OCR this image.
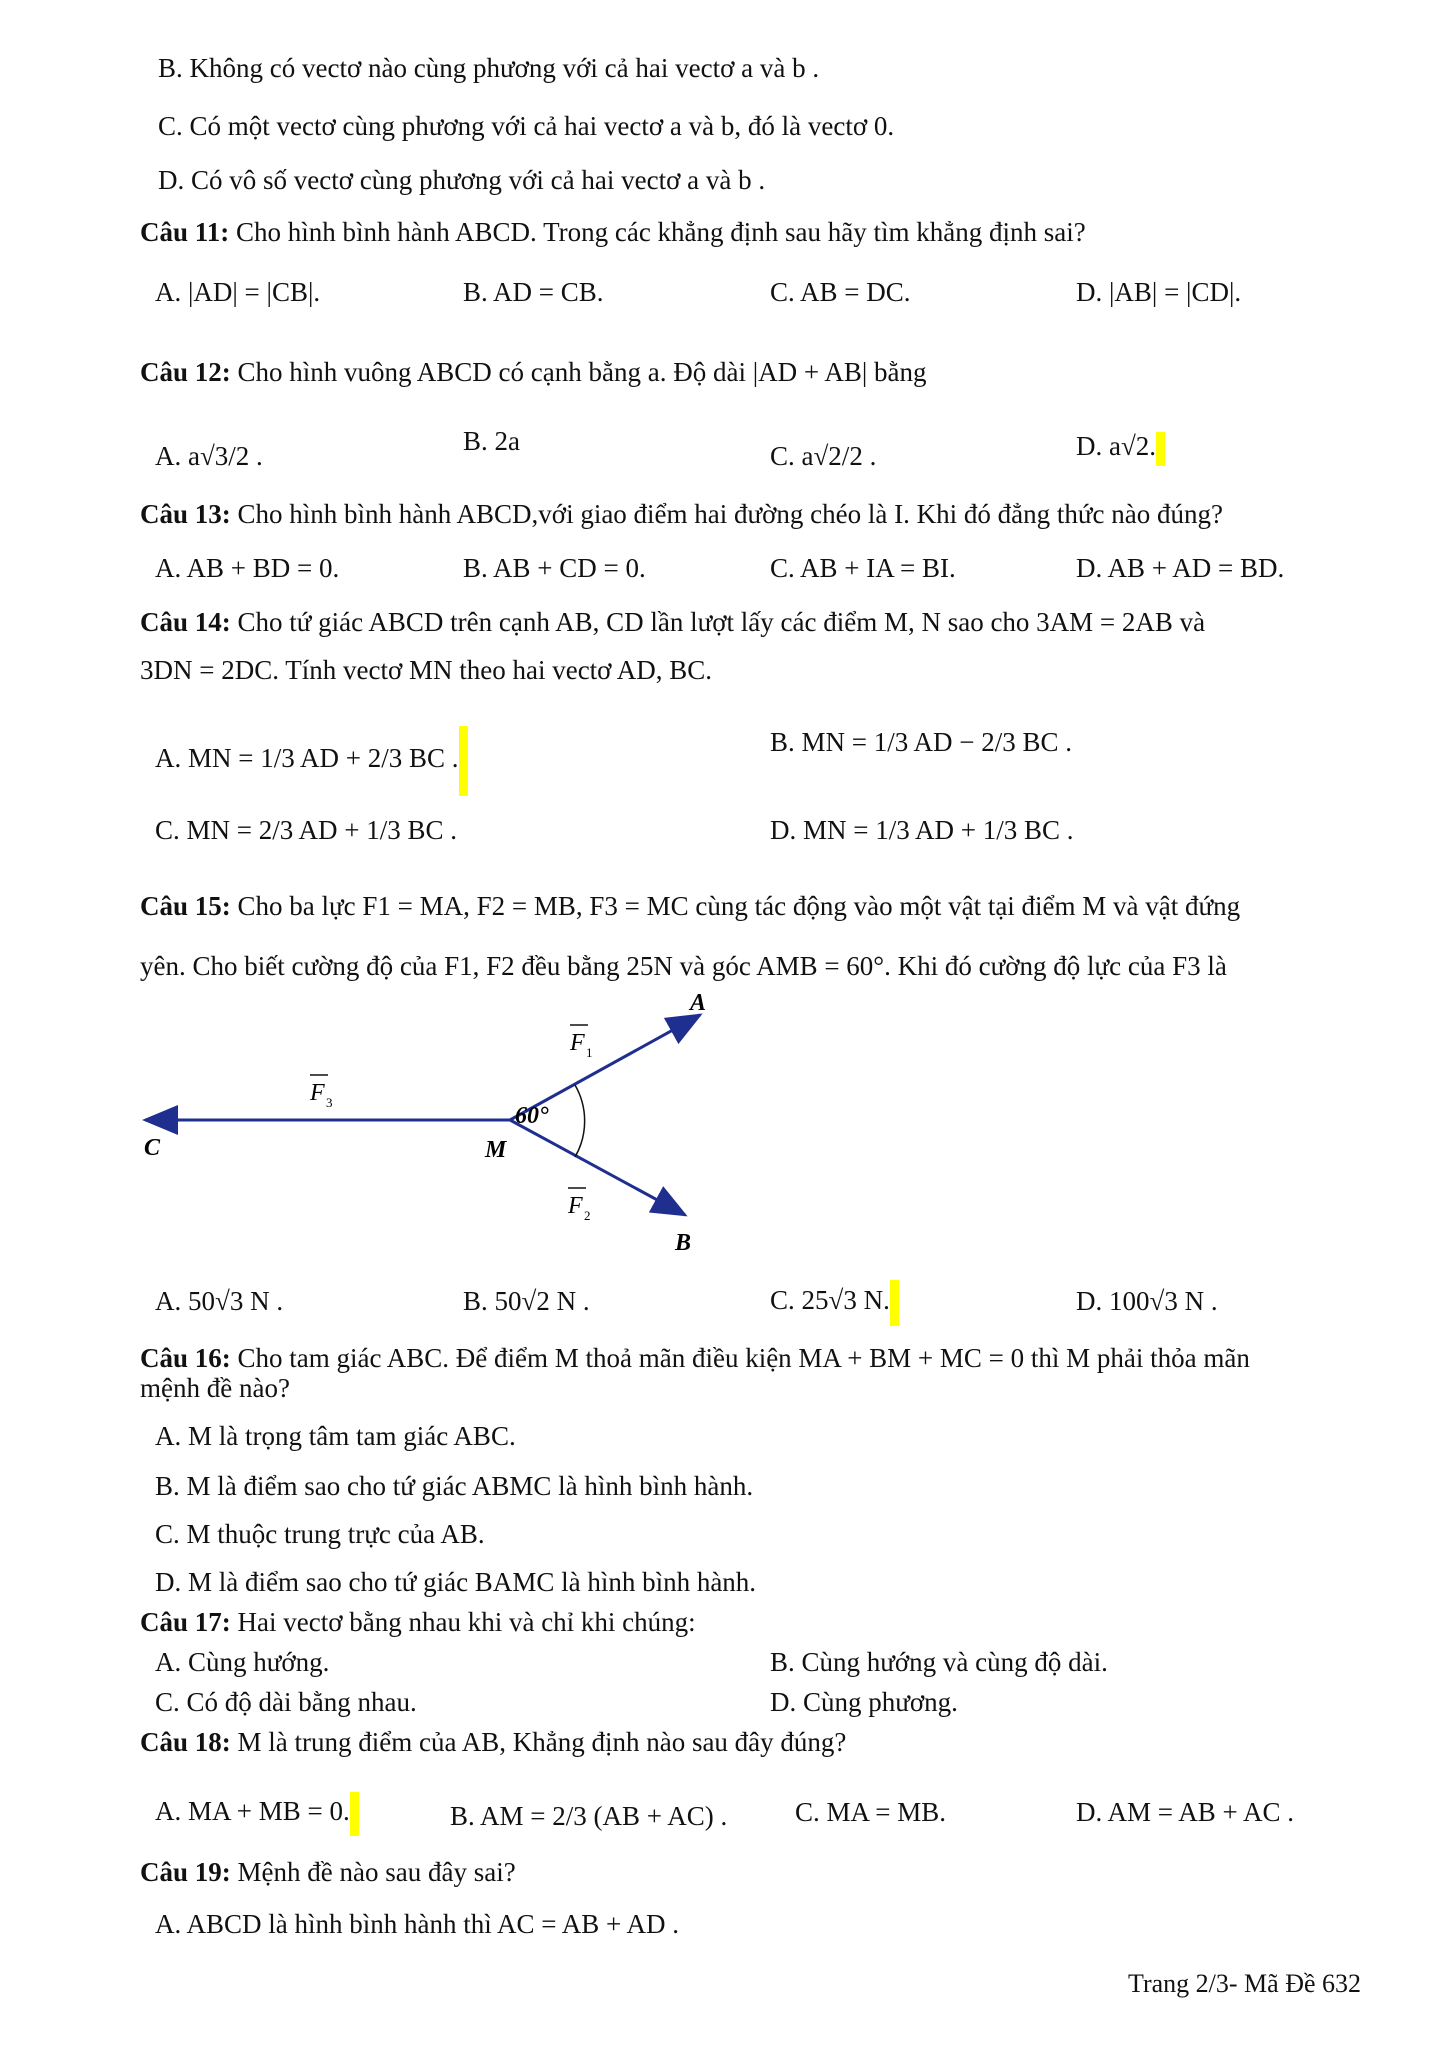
B. Không có vectơ nào cùng phương với cả hai vectơ a và b .
C. Có một vectơ cùng phương với cả hai vectơ a và b, đó là vectơ 0.
D. Có vô số vectơ cùng phương với cả hai vectơ a và b .
Câu 11: Cho hình bình hành ABCD. Trong các khẳng định sau hãy tìm khẳng định sai?
A. |AD| = |CB|.	B. AD = CB.	C. AB = DC.	D. |AB| = |CD|.
Câu 12: Cho hình vuông ABCD có cạnh bằng a. Độ dài |AD + AB| bằng
A. a√3/2 .	B. 2a	C. a√2/2 .	D. a√2.
Câu 13: Cho hình bình hành ABCD,với giao điểm hai đường chéo là I. Khi đó đẳng thức nào đúng?
A. AB + BD = 0.	B. AB + CD = 0.	C. AB + IA = BI.	D. AB + AD = BD.
Câu 14: Cho tứ giác ABCD trên cạnh AB, CD lần lượt lấy các điểm M, N sao cho 3AM = 2AB và
3DN = 2DC. Tính vectơ MN theo hai vectơ AD, BC.
A. MN = 1/3 AD + 2/3 BC .
B. MN = 1/3 AD − 2/3 BC .
C. MN = 2/3 AD + 1/3 BC .	D. MN = 1/3 AD + 1/3 BC .
Câu 15: Cho ba lực F1 = MA, F2 = MB, F3 = MC cùng tác động vào một vật tại điểm M và vật đứng
yên. Cho biết cường độ của F1, F2 đều bằng 25N và góc AMB = 60°. Khi đó cường độ lực của F3 là
60°
A
B
C	M
F 1
F 3
F 2
A. 50√3 N .	B. 50√2 N .	C. 25√3 N.	D. 100√3 N .
Câu 16: Cho tam giác ABC. Để điểm M thoả mãn điều kiện MA + BM + MC = 0 thì M phải thỏa mãn
mệnh đề nào?
A. M là trọng tâm tam giác ABC.
B. M là điểm sao cho tứ giác ABMC là hình bình hành.
C. M thuộc trung trực của AB.
D. M là điểm sao cho tứ giác BAMC là hình bình hành.
Câu 17: Hai vectơ bằng nhau khi và chỉ khi chúng:
A. Cùng hướng.	B. Cùng hướng và cùng độ dài.
C. Có độ dài bằng nhau.	D. Cùng phương.
Câu 18: M là trung điểm của AB, Khẳng định nào sau đây đúng?
A. MA + MB = 0.	B. AM = 2/3 (AB + AC) .	C. MA = MB.	D. AM = AB + AC .
Câu 19: Mệnh đề nào sau đây sai?
A. ABCD là hình bình hành thì AC = AB + AD .
Trang 2/3- Mã Đề 632
